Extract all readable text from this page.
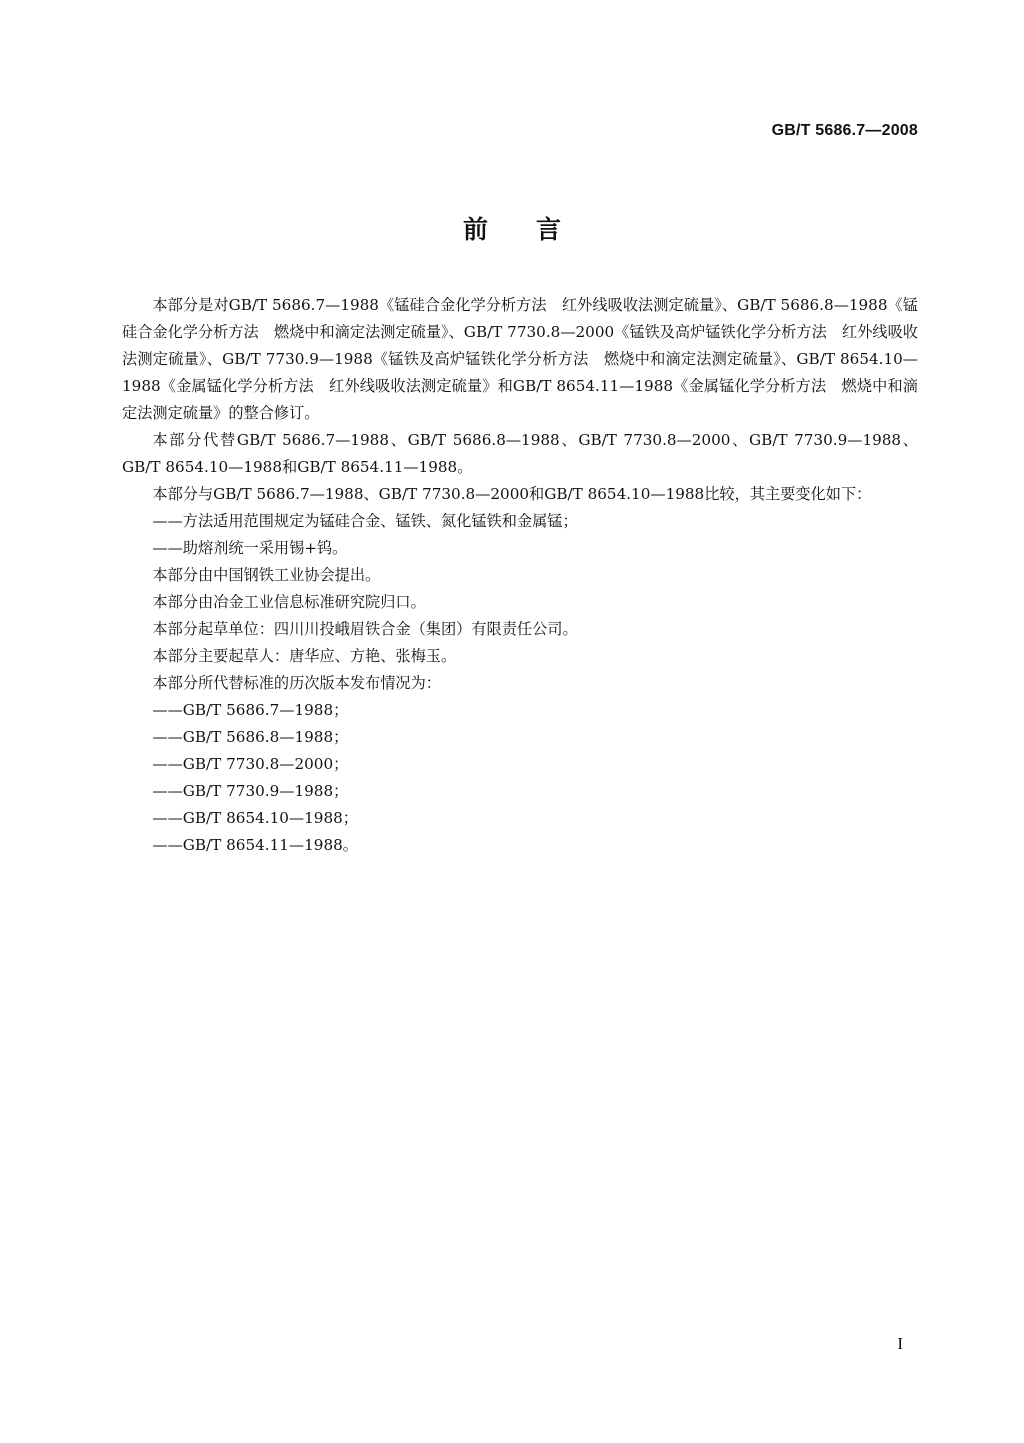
GB/T 5686.7—2008
前 言

本部分是对GB/T 5686.7—1988《锰硅合金化学分析方法　红外线吸收法测定硫量》、GB/T 5686.8—1988《锰硅合金化学分析方法　燃烧中和滴定法测定硫量》、GB/T 7730.8—2000《锰铁及高炉锰铁化学分析方法　红外线吸收法测定硫量》、GB/T 7730.9—1988《锰铁及高炉锰铁化学分析方法　燃烧中和滴定法测定硫量》、GB/T 8654.10—1988《金属锰化学分析方法　红外线吸收法测定硫量》和GB/T 8654.11—1988《金属锰化学分析方法　燃烧中和滴定法测定硫量》的整合修订。

本部分代替GB/T 5686.7—1988、GB/T 5686.8—1988、GB/T 7730.8—2000、GB/T 7730.9—1988、GB/T 8654.10—1988和GB/T 8654.11—1988。

本部分与GB/T 5686.7—1988、GB/T 7730.8—2000和GB/T 8654.10—1988比较，其主要变化如下：

——方法适用范围规定为锰硅合金、锰铁、氮化锰铁和金属锰；

——助熔剂统一采用锡+钨。

本部分由中国钢铁工业协会提出。

本部分由冶金工业信息标准研究院归口。

本部分起草单位：四川川投峨眉铁合金（集团）有限责任公司。

本部分主要起草人：唐华应、方艳、张梅玉。

本部分所代替标准的历次版本发布情况为：

——GB/T 5686.7—1988；

——GB/T 5686.8—1988；

——GB/T 7730.8—2000；

——GB/T 7730.9—1988；

——GB/T 8654.10—1988；

——GB/T 8654.11—1988。

I
